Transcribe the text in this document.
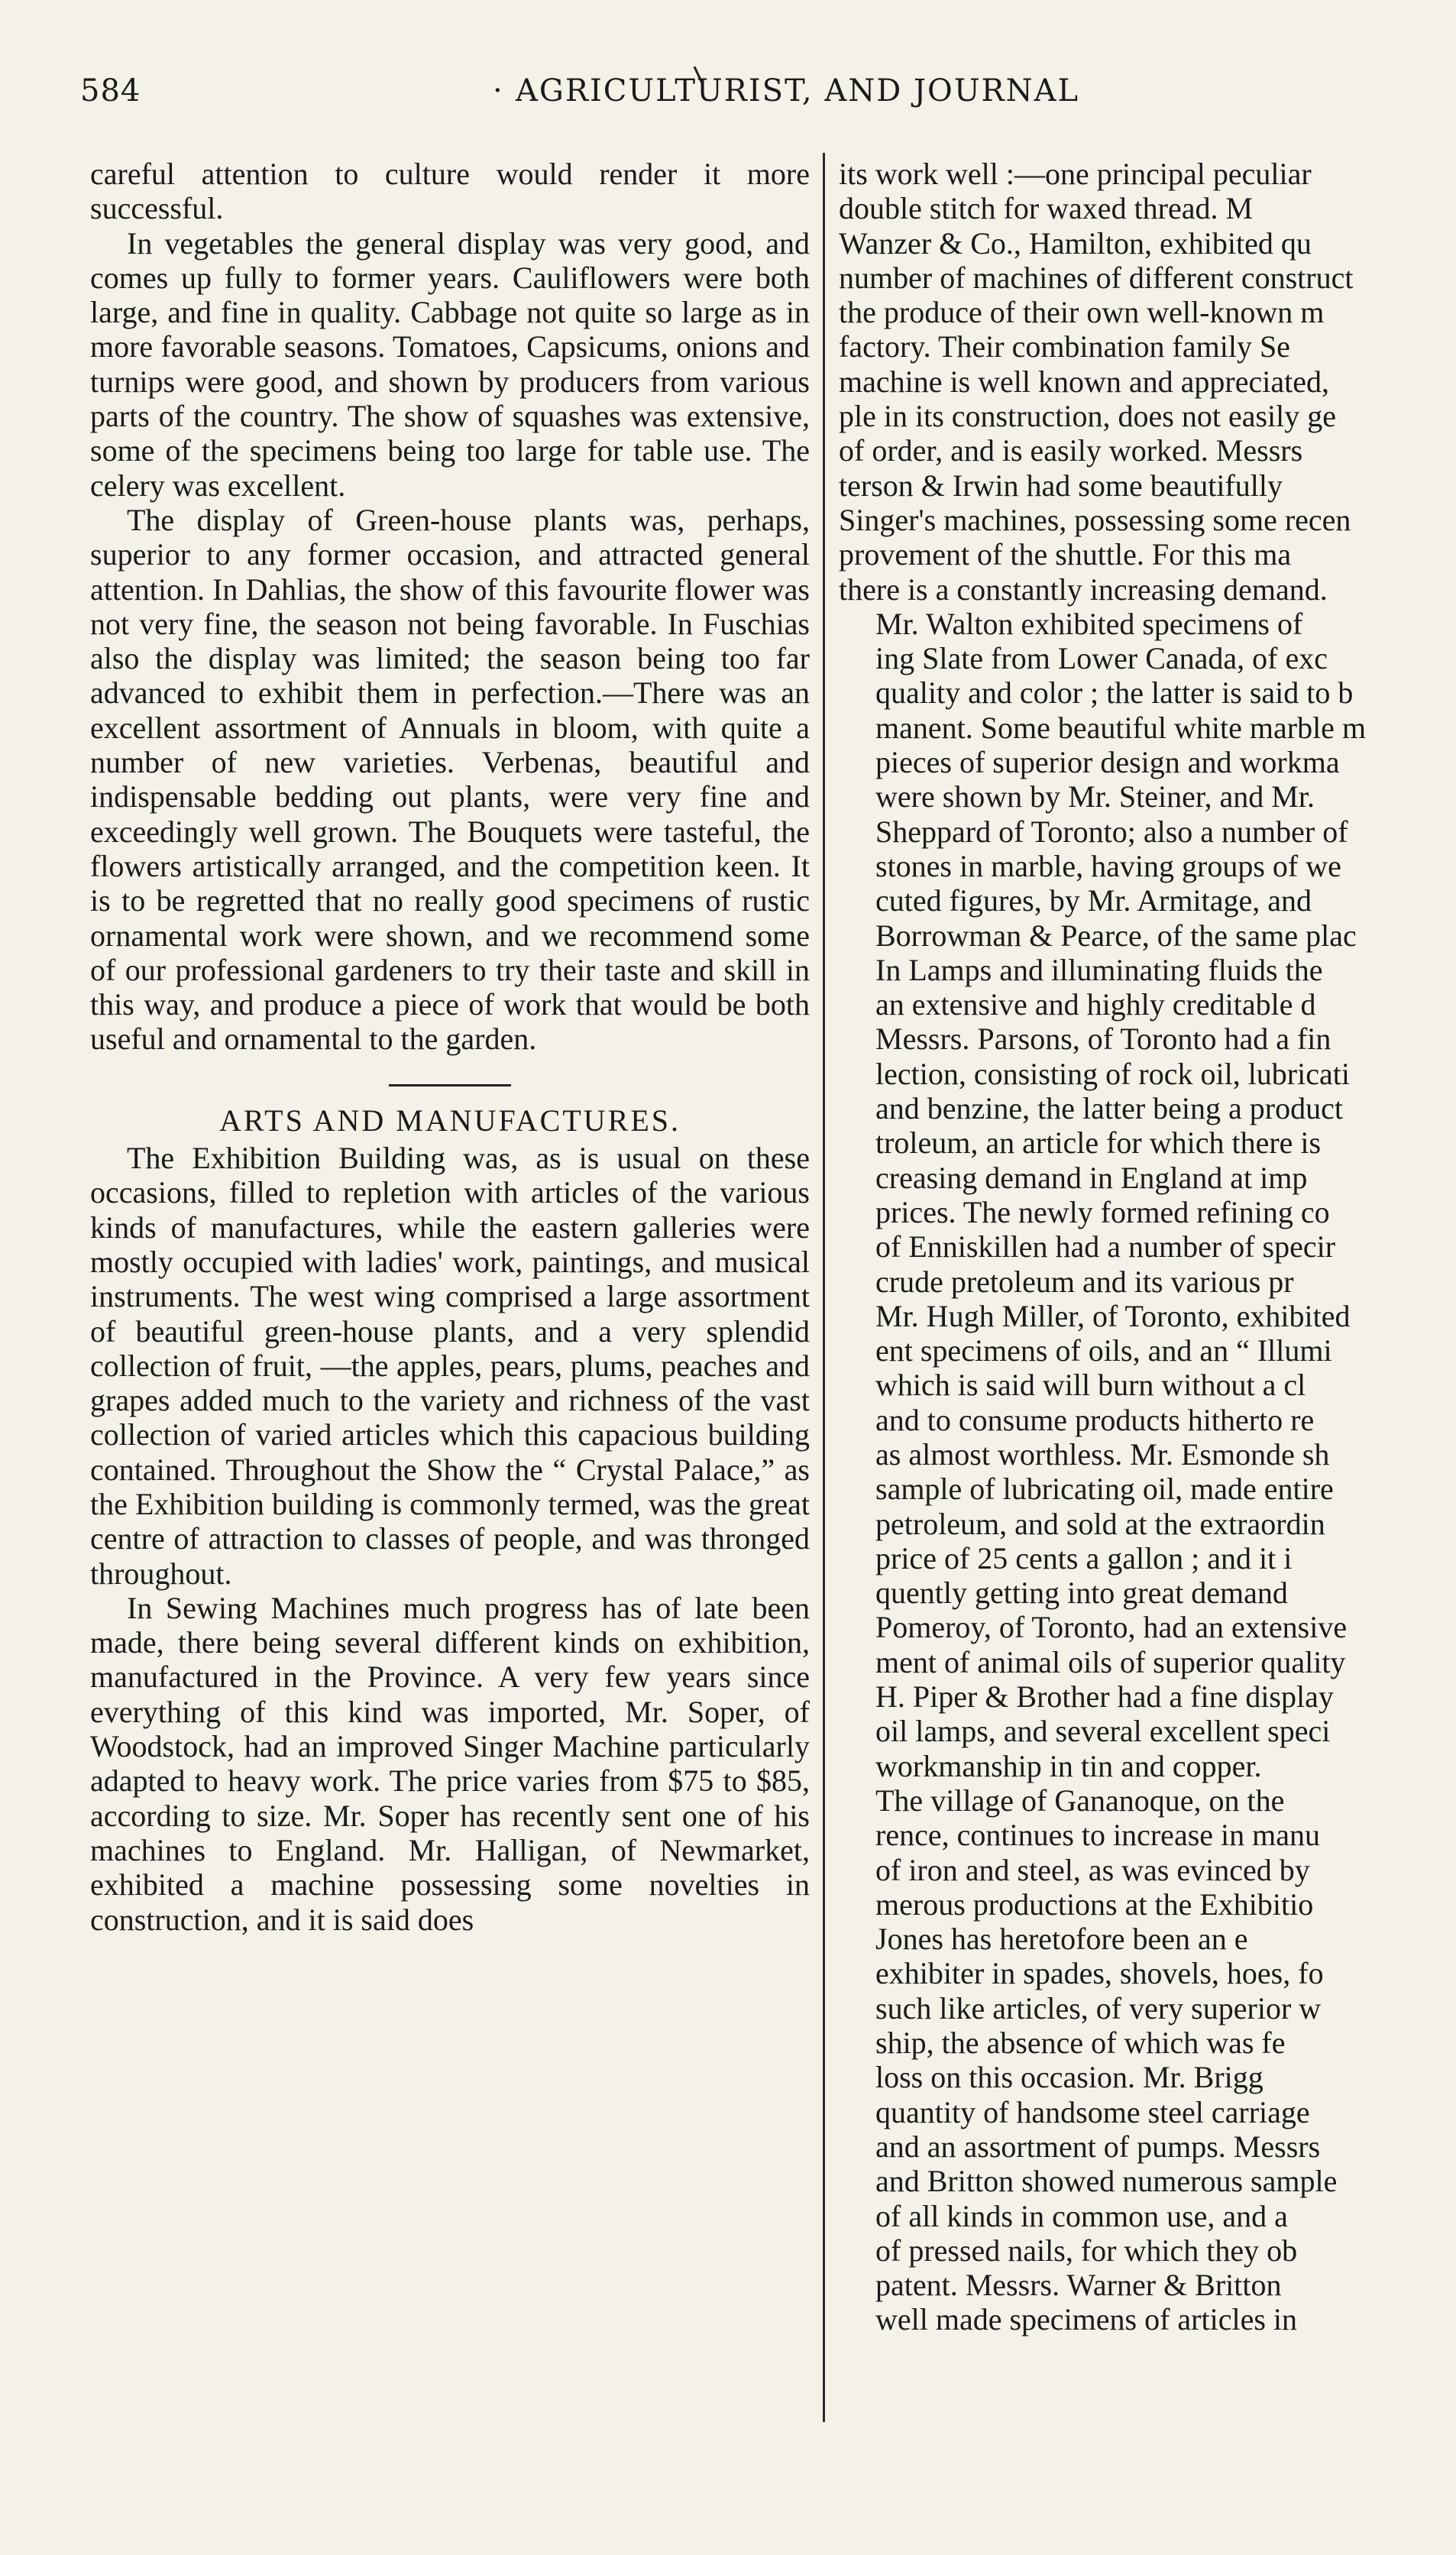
584	· AGRICULTURIST, AND JOURNAL

careful attention to culture would render it more successful.

In vegetables the general display was very good, and comes up fully to former years. Cauliflowers were both large, and fine in quality. Cabbage not quite so large as in more favorable seasons. Tomatoes, Capsicums, onions and turnips were good, and shown by producers from various parts of the country. The show of squashes was extensive, some of the specimens being too large for table use. The celery was excellent.

The display of Green-house plants was, perhaps, superior to any former occasion, and attracted general attention. In Dahlias, the show of this favourite flower was not very fine, the season not being favorable. In Fuschias also the display was limited; the season being too far advanced to exhibit them in perfection.—There was an excellent assortment of Annuals in bloom, with quite a number of new varieties. Verbenas, beautiful and indispensable bedding out plants, were very fine and exceedingly well grown. The Bouquets were tasteful, the flowers artistically arranged, and the competition keen. It is to be regretted that no really good specimens of rustic ornamental work were shown, and we recommend some of our professional gardeners to try their taste and skill in this way, and produce a piece of work that would be both useful and ornamental to the garden.

ARTS AND MANUFACTURES.

The Exhibition Building was, as is usual on these occasions, filled to repletion with articles of the various kinds of manufactures, while the eastern galleries were mostly occupied with ladies' work, paintings, and musical instruments. The west wing comprised a large assortment of beautiful green-house plants, and a very splendid collection of fruit, —the apples, pears, plums, peaches and grapes added much to the variety and richness of the vast collection of varied articles which this capacious building contained. Throughout the Show the “ Crystal Palace,” as the Exhibition building is commonly termed, was the great centre of attraction to classes of people, and was thronged throughout.

In Sewing Machines much progress has of late been made, there being several different kinds on exhibition, manufactured in the Province. A very few years since everything of this kind was imported, Mr. Soper, of Woodstock, had an improved Singer Machine particularly adapted to heavy work. The price varies from $75 to $85, according to size. Mr. Soper has recently sent one of his machines to England. Mr. Halligan, of Newmarket, exhibited a machine possessing some novelties in construction, and it is said does

its work well :—one principal peculiar
double stitch for waxed thread. M
Wanzer & Co., Hamilton, exhibited qu
number of machines of different construct
the produce of their own well-known m
factory. Their combination family Se
machine is well known and appreciated,
ple in its construction, does not easily ge
of order, and is easily worked. Messrs
terson & Irwin had some beautifully
Singer's machines, possessing some recen
provement of the shuttle. For this ma
there is a constantly increasing demand.
Mr. Walton exhibited specimens of
ing Slate from Lower Canada, of exc
quality and color ; the latter is said to b
manent. Some beautiful white marble m
pieces of superior design and workma
were shown by Mr. Steiner, and Mr.
Sheppard of Toronto; also a number of
stones in marble, having groups of we
cuted figures, by Mr. Armitage, and
Borrowman & Pearce, of the same plac
In Lamps and illuminating fluids the
an extensive and highly creditable d
Messrs. Parsons, of Toronto had a fin
lection, consisting of rock oil, lubricati
and benzine, the latter being a product
troleum, an article for which there is
creasing demand in England at imp
prices. The newly formed refining co
of Enniskillen had a number of specir
crude pretoleum and its various pr
Mr. Hugh Miller, of Toronto, exhibited
ent specimens of oils, and an “ Illumi
which is said will burn without a cl
and to consume products hitherto re
as almost worthless. Mr. Esmonde sh
sample of lubricating oil, made entire
petroleum, and sold at the extraordin
price of 25 cents a gallon ; and it i
quently getting into great demand
Pomeroy, of Toronto, had an extensive
ment of animal oils of superior quality
H. Piper & Brother had a fine display
oil lamps, and several excellent speci
workmanship in tin and copper.
The village of Gananoque, on the
rence, continues to increase in manu
of iron and steel, as was evinced by
merous productions at the Exhibitio
Jones has heretofore been an e
exhibiter in spades, shovels, hoes, fo
such like articles, of very superior w
ship, the absence of which was fe
loss on this occasion. Mr. Brigg
quantity of handsome steel carriage
and an assortment of pumps. Messrs
and Britton showed numerous sample
of all kinds in common use, and a
of pressed nails, for which they ob
patent. Messrs. Warner & Britton
well made specimens of articles in
